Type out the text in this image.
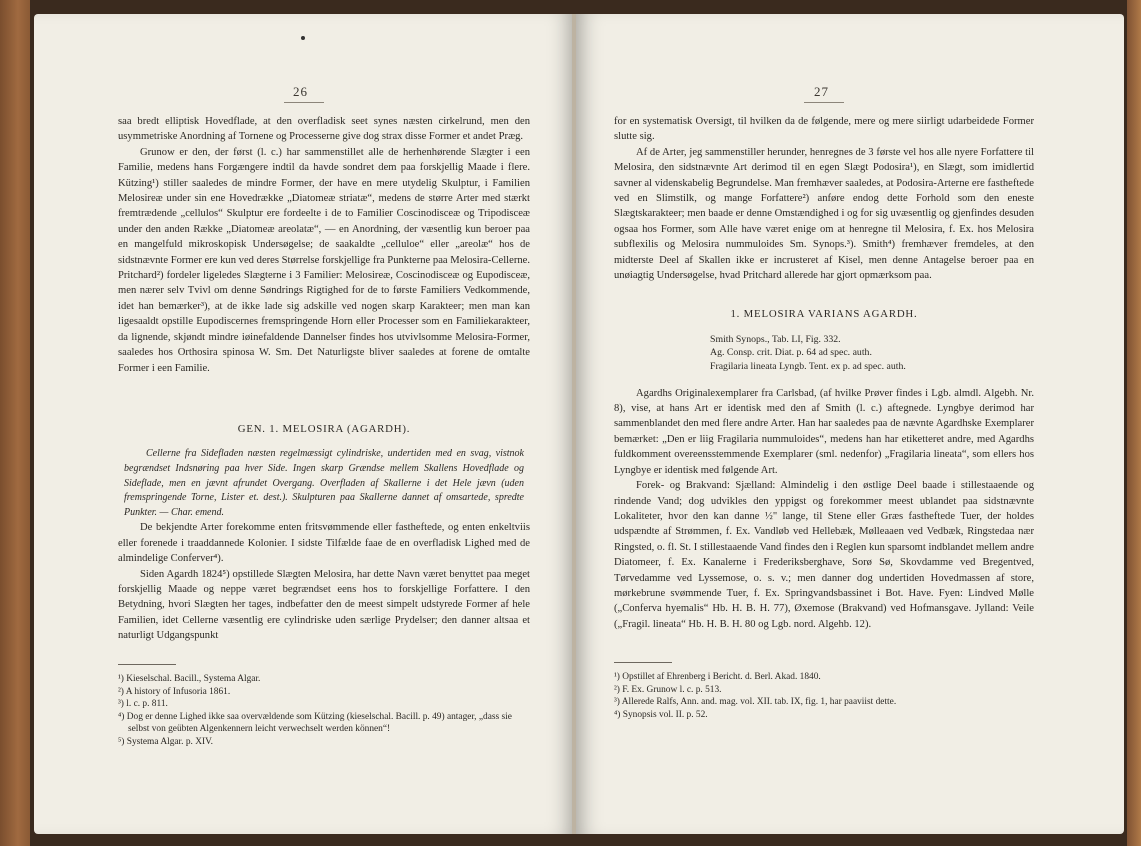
26

saa bredt elliptisk Hovedflade, at den overfladisk seet synes næsten cirkelrund, men den usymmetriske Anordning af Tornene og Processerne give dog strax disse Former et andet Præg.

Grunow er den, der først (l. c.) har sammenstillet alle de herhenhørende Slægter i een Familie, medens hans Forgængere indtil da havde sondret dem paa forskjellig Maade i flere. Kützing¹) stiller saaledes de mindre Former, der have en mere utydelig Skulptur, i Familien Melosireæ under sin ene Hovedrække „Diatomeæ striatæ“, medens de større Arter med stærkt fremtrædende „cellulos“ Skulptur ere fordeelte i de to Familier Coscinodisceæ og Tripodisceæ under den anden Række „Diatomeæ areolatæ“, — en Anordning, der væsentlig kun beroer paa en mangelfuld mikroskopisk Undersøgelse; de saakaldte „celluloe“ eller „areolæ“ hos de sidstnævnte Former ere kun ved deres Størrelse forskjellige fra Punkterne paa Melosira-Cellerne. Pritchard²) fordeler ligeledes Slægterne i 3 Familier: Melosireæ, Coscinodisceæ og Eupodisceæ, men nærer selv Tvivl om denne Søndrings Rigtighed for de to første Familiers Vedkommende, idet han bemærker³), at de ikke lade sig adskille ved nogen skarp Karakteer; men man kan ligesaaldt opstille Eupodiscernes fremspringende Horn eller Processer som en Familiekarakteer, da lignende, skjøndt mindre iøinefaldende Dannelser findes hos utvivlsomme Melosira-Former, saaledes hos Orthosira spinosa W. Sm. Det Naturligste bliver saaledes at forene de omtalte Former i een Familie.

GEN. 1. MELOSIRA (AGARDH).

Cellerne fra Sidefladen næsten regelmæssigt cylindriske, undertiden med en svag, vistnok begrændset Indsnøring paa hver Side. Ingen skarp Grændse mellem Skallens Hovedflade og Sideflade, men en jævnt afrundet Overgang. Overfladen af Skallerne i det Hele jævn (uden fremspringende Torne, Lister et. dest.). Skulpturen paa Skallerne dannet af omsartede, spredte Punkter. — Char. emend.

De bekjendte Arter forekomme enten fritsvømmende eller fastheftede, og enten enkeltviis eller forenede i traaddannede Kolonier. I sidste Tilfælde faae de en overfladisk Lighed med de almindelige Conferver⁴).

Siden Agardh 1824⁵) opstillede Slægten Melosira, har dette Navn været benyttet paa meget forskjellig Maade og neppe været begrændset eens hos to forskjellige Forfattere. I den Betydning, hvori Slægten her tages, indbefatter den de meest simpelt udstyrede Former af hele Familien, idet Cellerne væsentlig ere cylindriske uden særlige Prydelser; den danner altsaa et naturligt Udgangspunkt

¹) Kieselschal. Bacill., Systema Algar.
²) A history of Infusoria 1861.
³) l. c. p. 811.
⁴) Dog er denne Lighed ikke saa overvældende som Kützing (kieselschal. Bacill. p. 49) antager, „dass sie selbst von geübten Algenkennern leicht verwechselt werden können“!
⁵) Systema Algar. p. XIV.
27

for en systematisk Oversigt, til hvilken da de følgende, mere og mere siirligt udarbeidede Former slutte sig.

Af de Arter, jeg sammenstiller herunder, henregnes de 3 første vel hos alle nyere Forfattere til Melosira, den sidstnævnte Art derimod til en egen Slægt Podosira¹), en Slægt, som imidlertid savner al videnskabelig Begrundelse. Man fremhæver saaledes, at Podosira-Arterne ere fastheftede ved en Slimstilk, og mange Forfattere²) anføre endog dette Forhold som den eneste Slægtskarakteer; men baade er denne Omstændighed i og for sig uvæsentlig og gjenfindes desuden ogsaa hos Former, som Alle have været enige om at henregne til Melosira, f. Ex. hos Melosira subflexilis og Melosira nummuloides Sm. Synops.³). Smith⁴) fremhæver fremdeles, at den midterste Deel af Skallen ikke er incrusteret af Kisel, men denne Antagelse beroer paa en unøiagtig Undersøgelse, hvad Pritchard allerede har gjort opmærksom paa.

1. MELOSIRA VARIANS AGARDH.
Smith Synops., Tab. LI, Fig. 332.
Ag. Consp. crit. Diat. p. 64 ad spec. auth.
Fragilaria lineata Lyngb. Tent. ex p. ad spec. auth.

Agardhs Originalexemplarer fra Carlsbad, (af hvilke Prøver findes i Lgb. almdl. Algebh. Nr. 8), vise, at hans Art er identisk med den af Smith (l. c.) aftegnede. Lyngbye derimod har sammenblandet den med flere andre Arter. Han har saaledes paa de nævnte Agardhske Exemplarer bemærket: „Den er liig Fragilaria nummuloides“, medens han har etiketteret andre, med Agardhs fuldkomment overeensstemmende Exemplarer (sml. nedenfor) „Fragilaria lineata“, som ellers hos Lyngbye er identisk med følgende Art.

Forek- og Brakvand: Sjælland: Almindelig i den østlige Deel baade i stillestaaende og rindende Vand; dog udvikles den yppigst og forekommer meest ublandet paa sidstnævnte Lokaliteter, hvor den kan danne ½" lange, til Stene eller Græs fastheftede Tuer, der holdes udspændte af Strømmen, f. Ex. Vandløb ved Hellebæk, Møllеaaen ved Vedbæk, Ringstedaa nær Ringsted, o. fl. St. I stillestaaende Vand findes den i Reglen kun sparsomt indblandet mellem andre Diatomeer, f. Ex. Kanalerne i Frederiksberghave, Sorø Sø, Skovdamme ved Bregentved, Tørvedamme ved Lyssemose, o. s. v.; men danner dog undertiden Hovedmassen af store, mørkebrune svømmende Tuer, f. Ex. Springvandsbassinet i Bot. Have. Fyen: Lindved Mølle („Conferva hyemalis“ Hb. H. B. H. 77), Øxemose (Brakvand) ved Hofmansgave. Jylland: Veile („Fragil. lineata“ Hb. H. B. H. 80 og Lgb. nord. Algehb. 12).

¹) Opstillet af Ehrenberg i Bericht. d. Berl. Akad. 1840.
²) F. Ex. Grunow l. c. p. 513.
³) Allerede Ralfs, Ann. and. mag. vol. XII. tab. IX, fig. 1, har paaviist dette.
⁴) Synopsis vol. II. p. 52.
